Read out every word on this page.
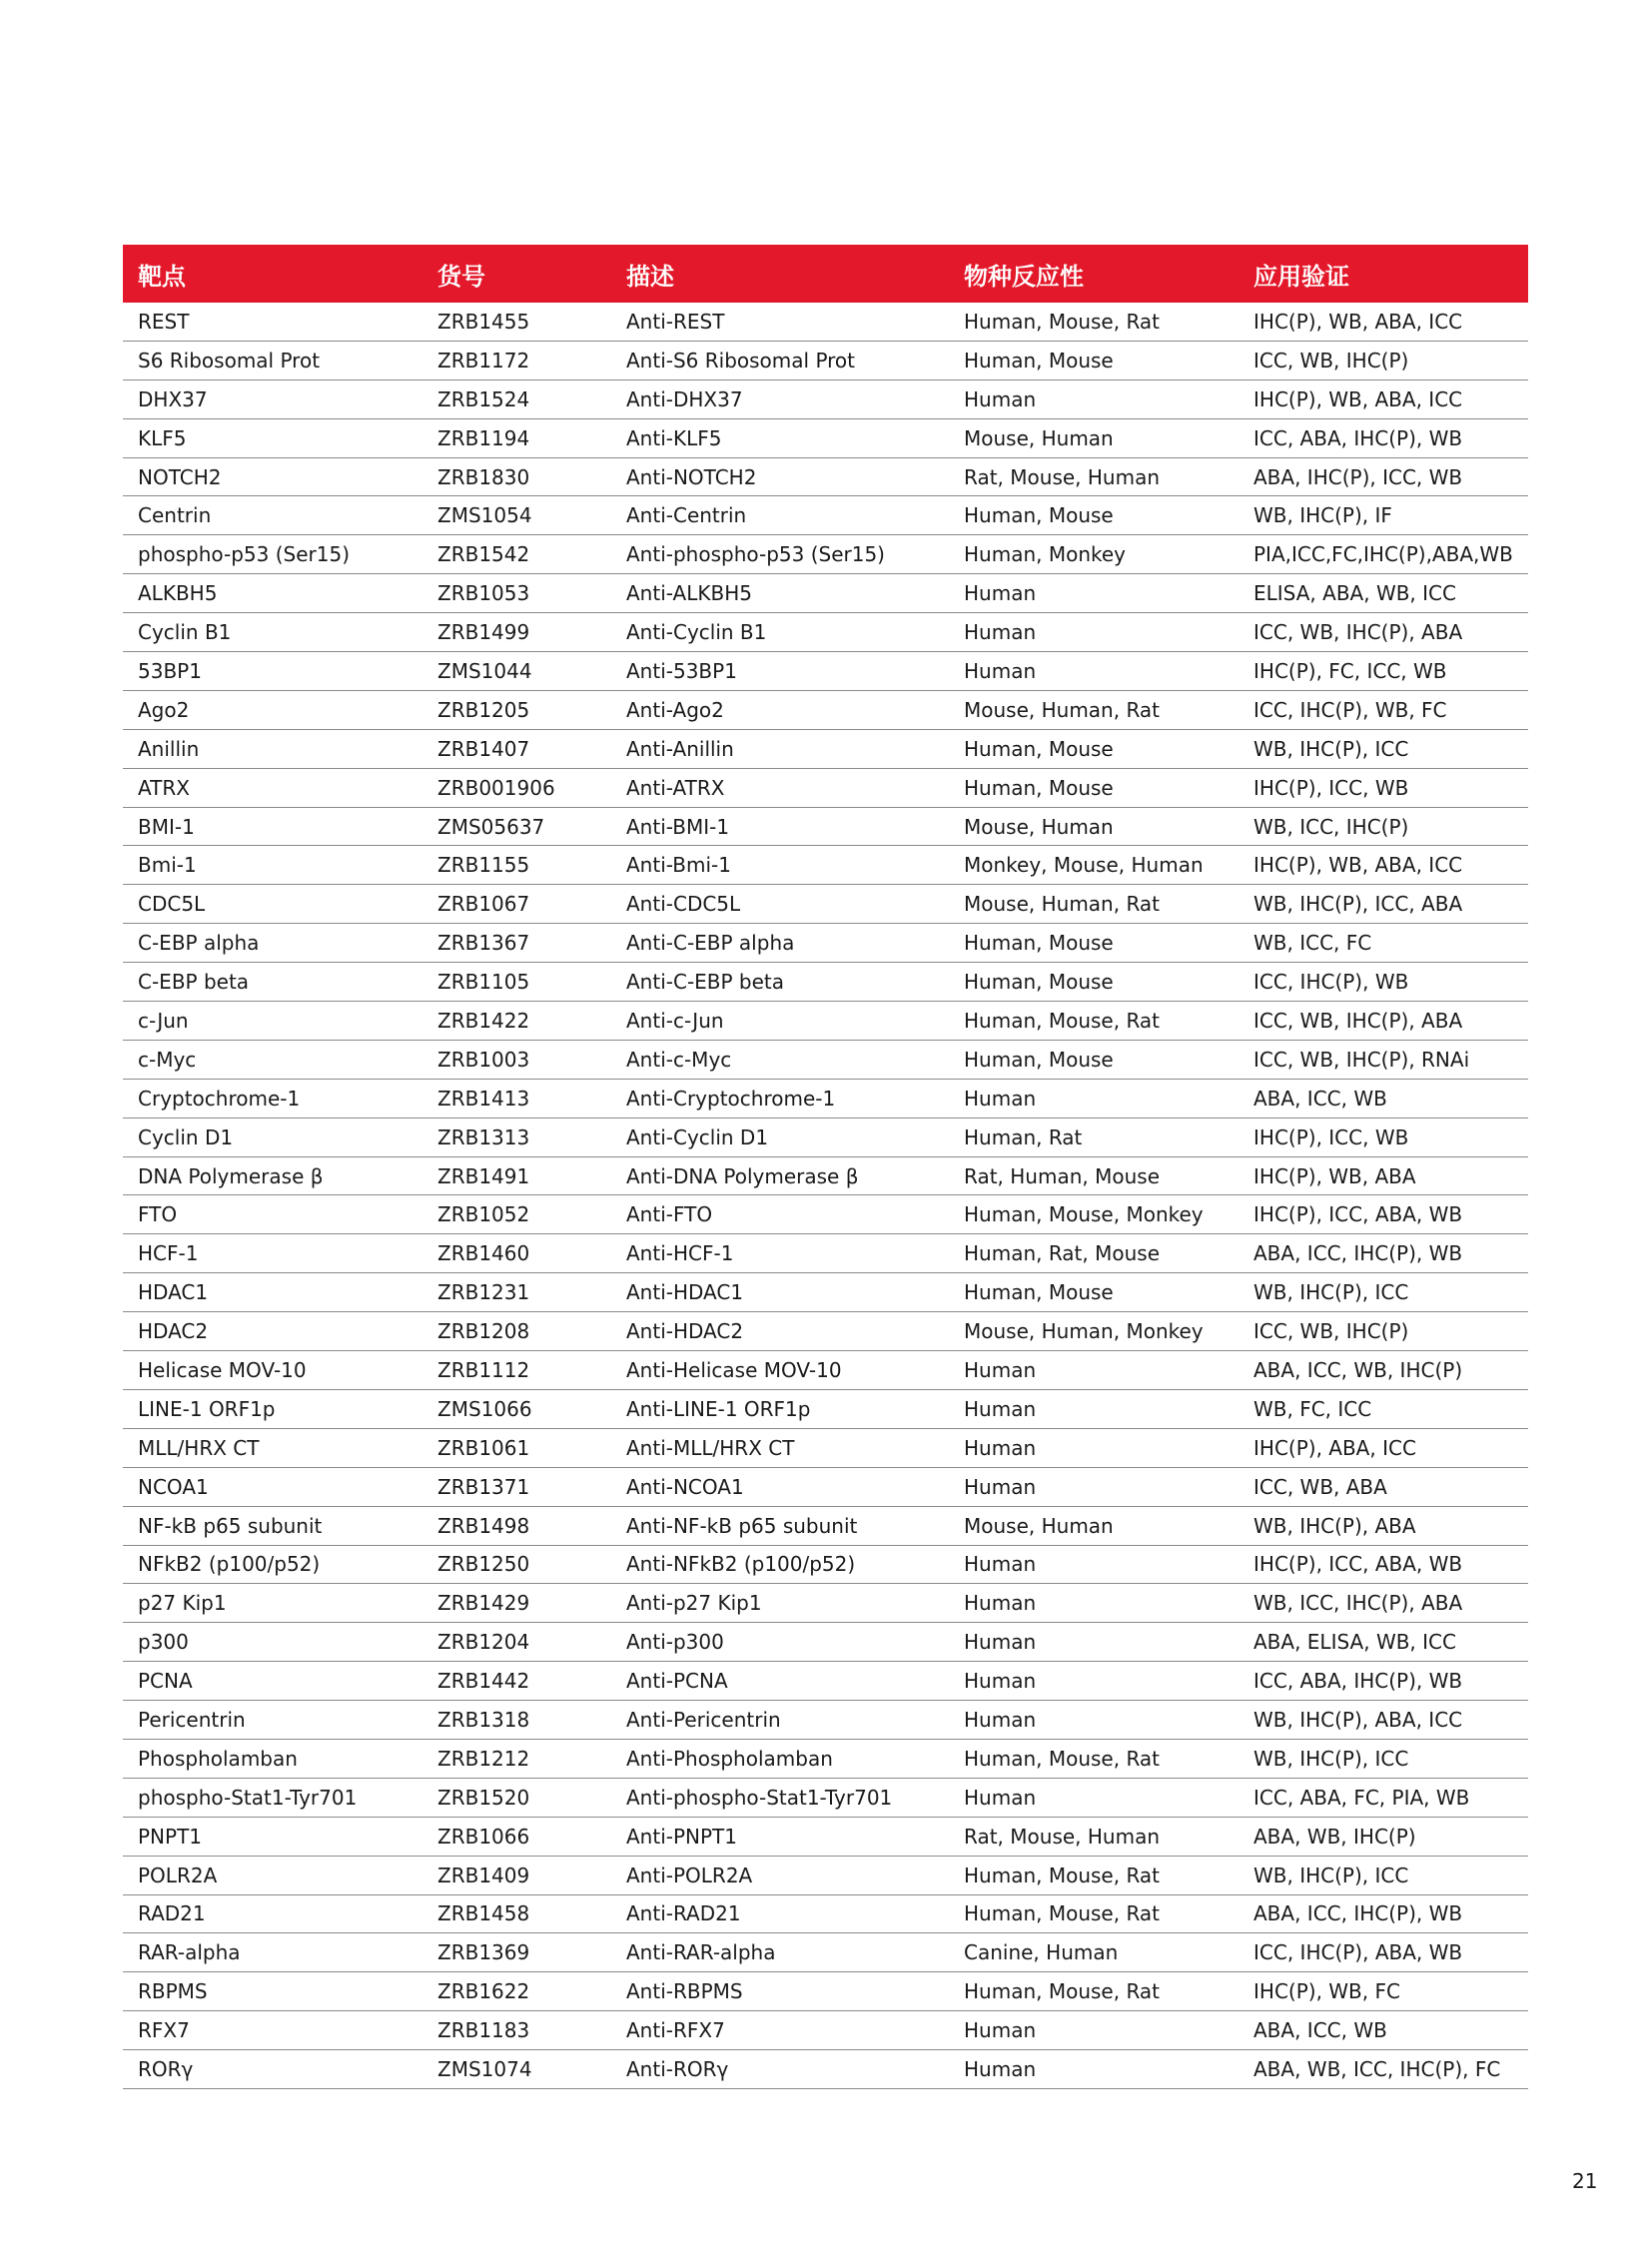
靶点	货号	描述	物种反应性	应用验证
REST	ZRB1455	Anti-REST	Human, Mouse, Rat	IHC(P), WB, ABA, ICC
S6 Ribosomal Prot	ZRB1172	Anti-S6 Ribosomal Prot	Human, Mouse	ICC, WB, IHC(P)
DHX37	ZRB1524	Anti-DHX37	Human	IHC(P), WB, ABA, ICC
KLF5	ZRB1194	Anti-KLF5	Mouse, Human	ICC, ABA, IHC(P), WB
NOTCH2	ZRB1830	Anti-NOTCH2	Rat, Mouse, Human	ABA, IHC(P), ICC, WB
Centrin	ZMS1054	Anti-Centrin	Human, Mouse	WB, IHC(P), IF
phospho-p53 (Ser15)	ZRB1542	Anti-phospho-p53 (Ser15)	Human, Monkey	PIA,ICC,FC,IHC(P),ABA,WB
ALKBH5	ZRB1053	Anti-ALKBH5	Human	ELISA, ABA, WB, ICC
Cyclin B1	ZRB1499	Anti-Cyclin B1	Human	ICC, WB, IHC(P), ABA
53BP1	ZMS1044	Anti-53BP1	Human	IHC(P), FC, ICC, WB
Ago2	ZRB1205	Anti-Ago2	Mouse, Human, Rat	ICC, IHC(P), WB, FC
Anillin	ZRB1407	Anti-Anillin	Human, Mouse	WB, IHC(P), ICC
ATRX	ZRB001906	Anti-ATRX	Human, Mouse	IHC(P), ICC, WB
BMI-1	ZMS05637	Anti-BMI-1	Mouse, Human	WB, ICC, IHC(P)
Bmi-1	ZRB1155	Anti-Bmi-1	Monkey, Mouse, Human	IHC(P), WB, ABA, ICC
CDC5L	ZRB1067	Anti-CDC5L	Mouse, Human, Rat	WB, IHC(P), ICC, ABA
C-EBP alpha	ZRB1367	Anti-C-EBP alpha	Human, Mouse	WB, ICC, FC
C-EBP beta	ZRB1105	Anti-C-EBP beta	Human, Mouse	ICC, IHC(P), WB
c-Jun	ZRB1422	Anti-c-Jun	Human, Mouse, Rat	ICC, WB, IHC(P), ABA
c-Myc	ZRB1003	Anti-c-Myc	Human, Mouse	ICC, WB, IHC(P), RNAi
Cryptochrome-1	ZRB1413	Anti-Cryptochrome-1	Human	ABA, ICC, WB
Cyclin D1	ZRB1313	Anti-Cyclin D1	Human, Rat	IHC(P), ICC, WB
DNA Polymerase β	ZRB1491	Anti-DNA Polymerase β	Rat, Human, Mouse	IHC(P), WB, ABA
FTO	ZRB1052	Anti-FTO	Human, Mouse, Monkey	IHC(P), ICC, ABA, WB
HCF-1	ZRB1460	Anti-HCF-1	Human, Rat, Mouse	ABA, ICC, IHC(P), WB
HDAC1	ZRB1231	Anti-HDAC1	Human, Mouse	WB, IHC(P), ICC
HDAC2	ZRB1208	Anti-HDAC2	Mouse, Human, Monkey	ICC, WB, IHC(P)
Helicase MOV-10	ZRB1112	Anti-Helicase MOV-10	Human	ABA, ICC, WB, IHC(P)
LINE-1 ORF1p	ZMS1066	Anti-LINE-1 ORF1p	Human	WB, FC, ICC
MLL/HRX CT	ZRB1061	Anti-MLL/HRX CT	Human	IHC(P), ABA, ICC
NCOA1	ZRB1371	Anti-NCOA1	Human	ICC, WB, ABA
NF-kB p65 subunit	ZRB1498	Anti-NF-kB p65 subunit	Mouse, Human	WB, IHC(P), ABA
NFkB2 (p100/p52)	ZRB1250	Anti-NFkB2 (p100/p52)	Human	IHC(P), ICC, ABA, WB
p27 Kip1	ZRB1429	Anti-p27 Kip1	Human	WB, ICC, IHC(P), ABA
p300	ZRB1204	Anti-p300	Human	ABA, ELISA, WB, ICC
PCNA	ZRB1442	Anti-PCNA	Human	ICC, ABA, IHC(P), WB
Pericentrin	ZRB1318	Anti-Pericentrin	Human	WB, IHC(P), ABA, ICC
Phospholamban	ZRB1212	Anti-Phospholamban	Human, Mouse, Rat	WB, IHC(P), ICC
phospho-Stat1-Tyr701	ZRB1520	Anti-phospho-Stat1-Tyr701	Human	ICC, ABA, FC, PIA, WB
PNPT1	ZRB1066	Anti-PNPT1	Rat, Mouse, Human	ABA, WB, IHC(P)
POLR2A	ZRB1409	Anti-POLR2A	Human, Mouse, Rat	WB, IHC(P), ICC
RAD21	ZRB1458	Anti-RAD21	Human, Mouse, Rat	ABA, ICC, IHC(P), WB
RAR-alpha	ZRB1369	Anti-RAR-alpha	Canine, Human	ICC, IHC(P), ABA, WB
RBPMS	ZRB1622	Anti-RBPMS	Human, Mouse, Rat	IHC(P), WB, FC
RFX7	ZRB1183	Anti-RFX7	Human	ABA, ICC, WB
RORγ	ZMS1074	Anti-RORγ	Human	ABA, WB, ICC, IHC(P), FC
21
